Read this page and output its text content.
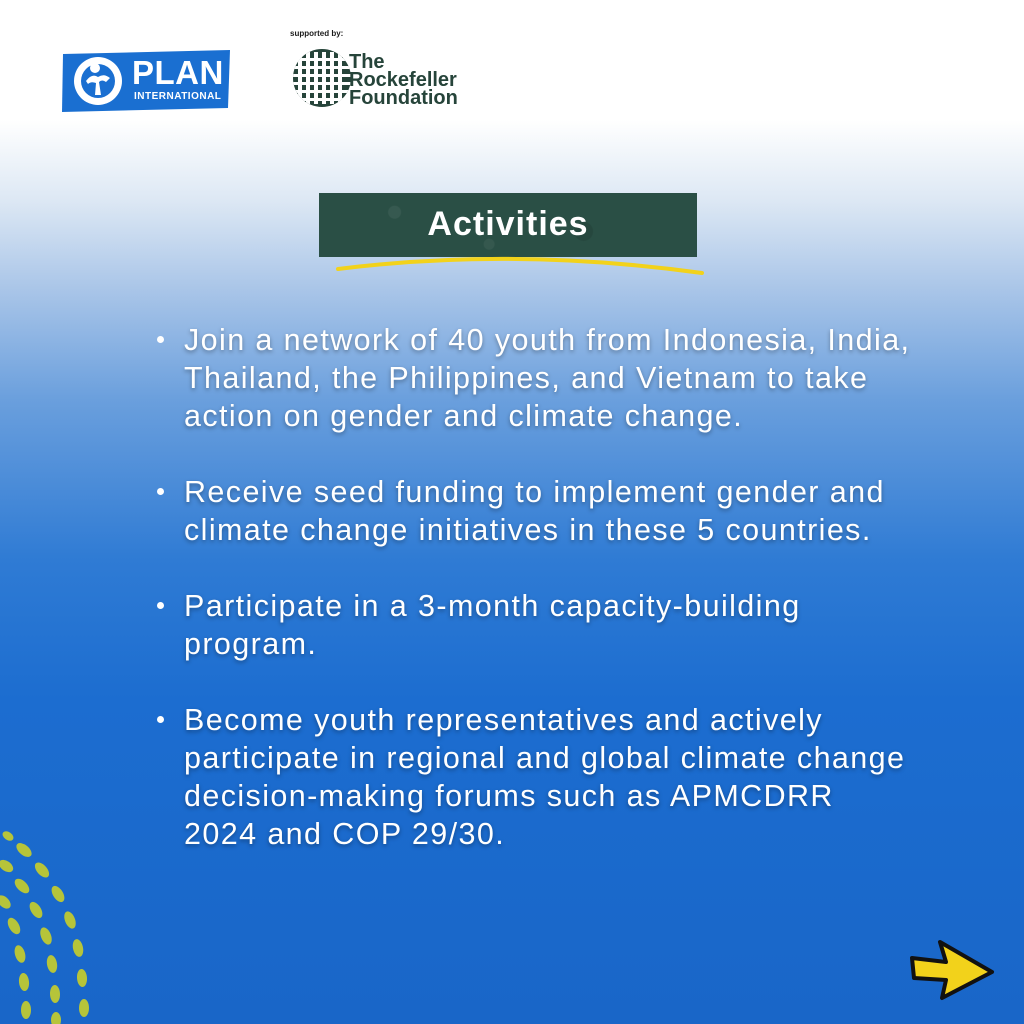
PLAN
INTERNATIONAL
supported by:
The
Rockefeller
Foundation
Activities
Join a network of 40 youth from Indonesia, India, Thailand, the Philippines, and Vietnam to take action on gender and climate change.
Receive seed funding to implement gender and climate change initiatives in these 5 countries.
Participate in a 3-month capacity-building program.
Become youth representatives and actively participate in regional and global climate change decision-making forums such as APMCDRR 2024 and COP 29/30.
